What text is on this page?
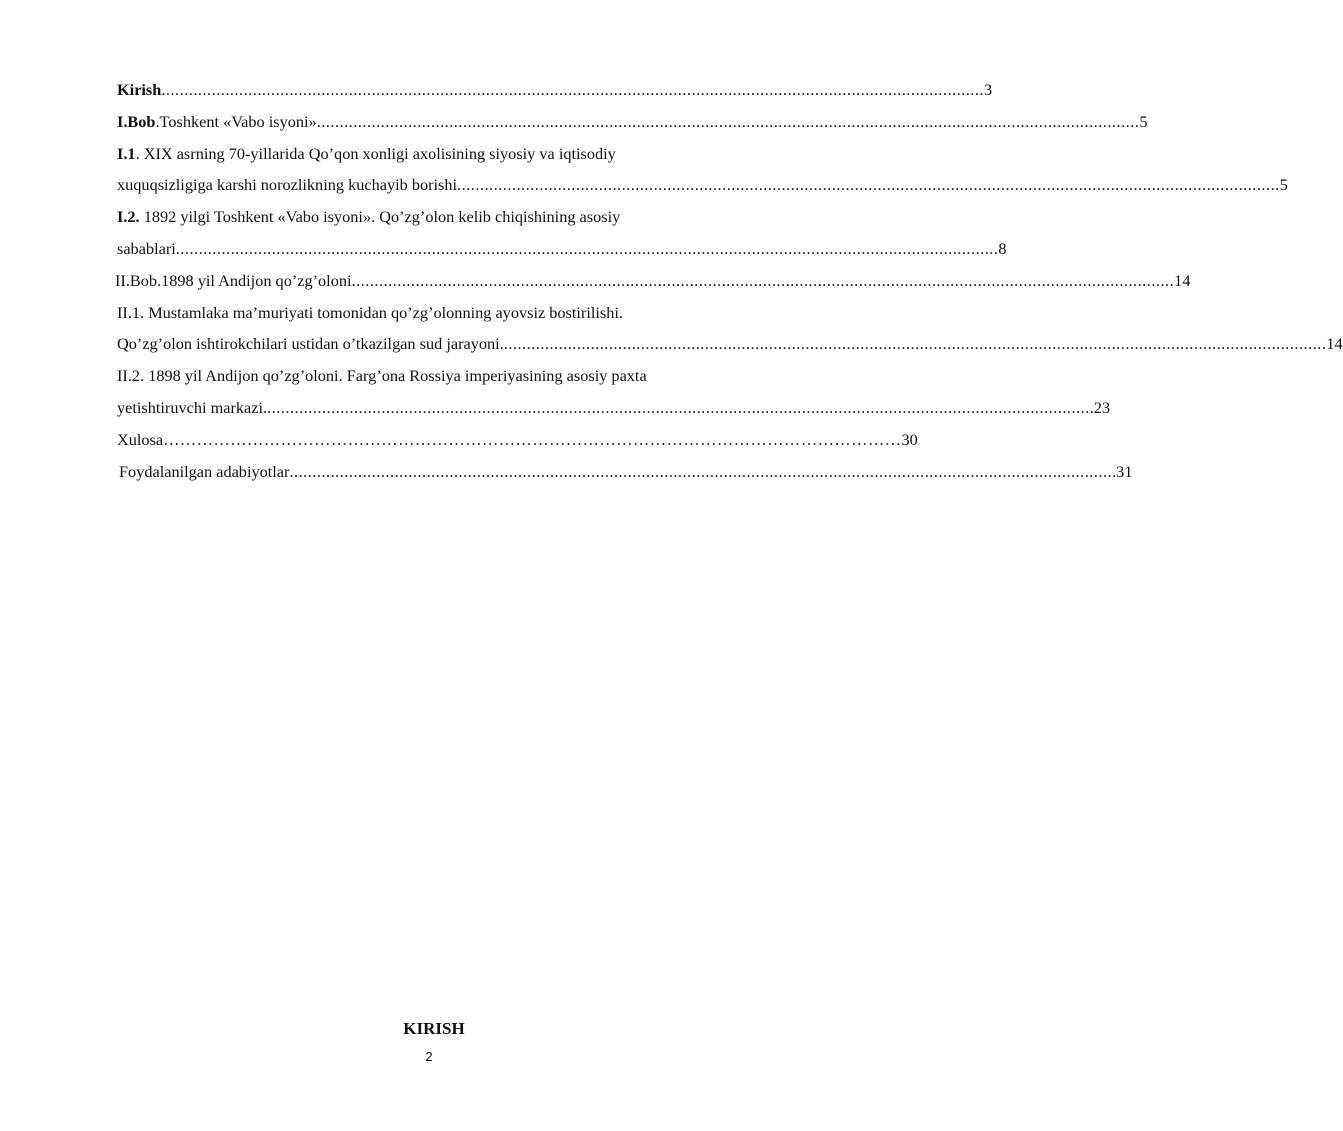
Kirish .................................................................................................................................................................................... 3
I.Bob.Toshkent «Vabo isyoni» .................................................................................................................................................................................... 5
I.1. XIX asrning 70-yillarida Qo’qon xonligi axolisining siyosiy va iqtisodiy
xuquqsizligiga karshi norozlikning kuchayib borishi .................................................................................................................................................................................... 5
I.2. 1892 yilgi Toshkent «Vabo isyoni». Qo’zg’olon kelib chiqishining asosiy
sabablari .................................................................................................................................................................................... 8
II.Bob.1898 yil Andijon qo’zg’oloni .................................................................................................................................................................................... 14
II.1. Mustamlaka ma’muriyati tomonidan qo’zg’olonning ayovsiz bostirilishi.
Qo’zg’olon ishtirokchilari ustidan o’tkazilgan sud jarayoni. .................................................................................................................................................................................... 14
II.2. 1898 yil Andijon qo’zg’oloni. Farg’ona Rossiya imperiyasining asosiy paxta
yetishtiruvchi markazi. .................................................................................................................................................................................... .23
Xulosa …………………………………………………………………………………………………………………… 30
Foydalanilgan adabiyotlar .................................................................................................................................................................................... .31
KIRISH
2
